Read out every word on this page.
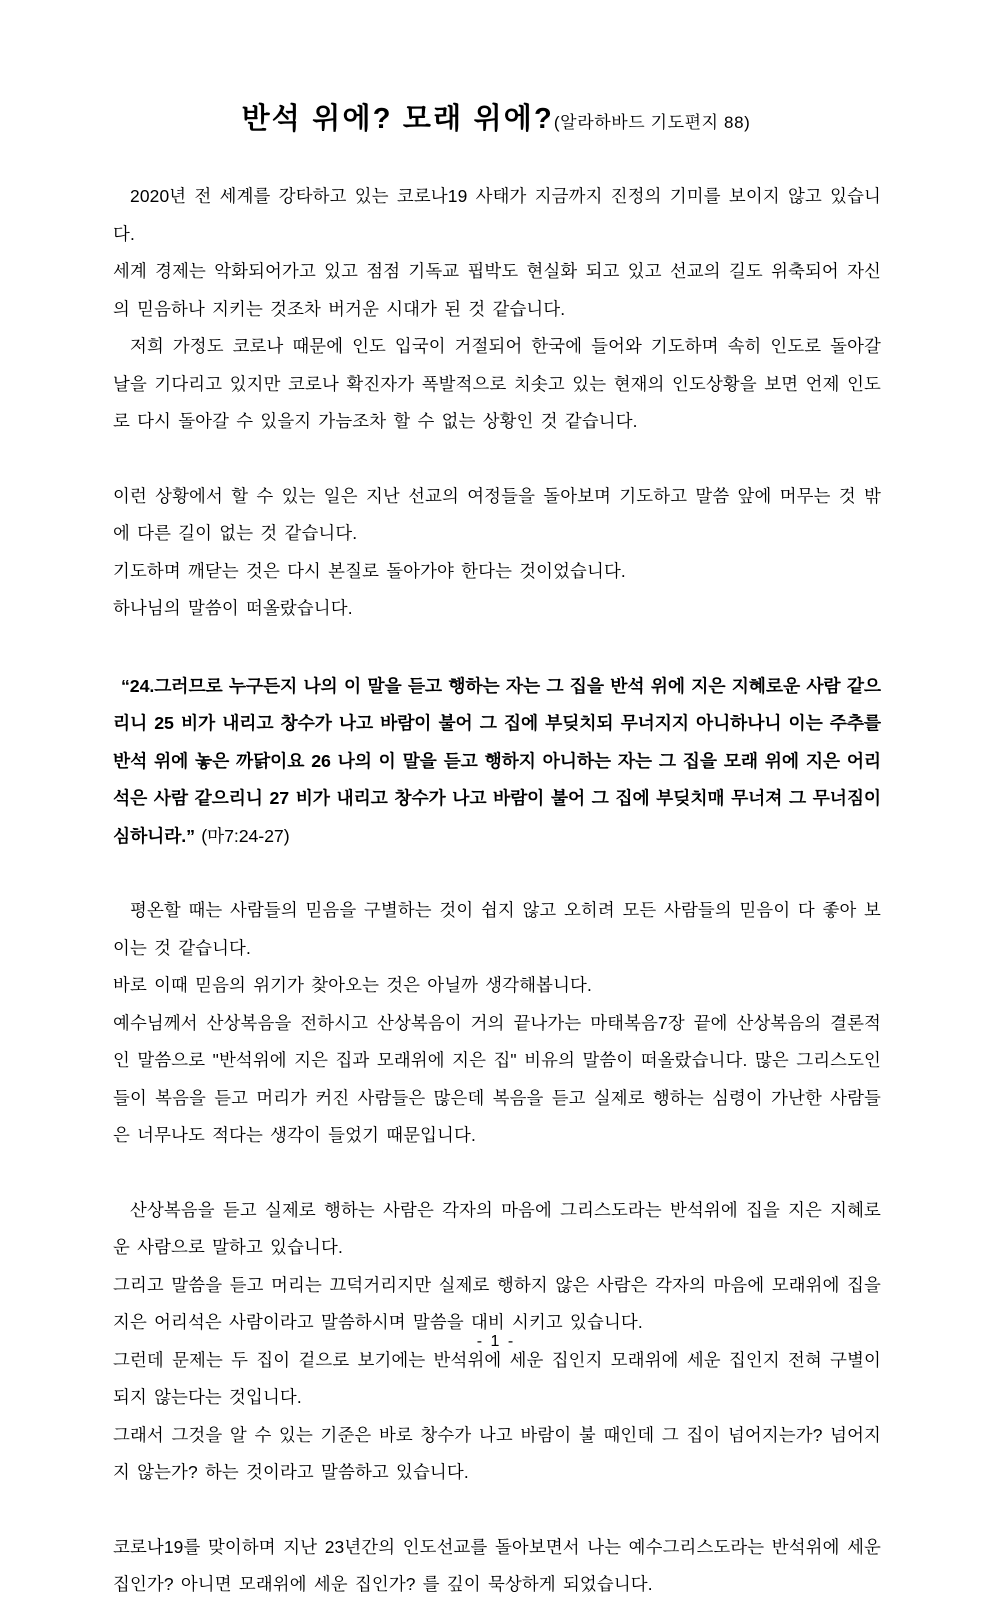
반석 위에? 모래 위에?(알라하바드 기도편지 88)

2020년 전 세계를 강타하고 있는 코로나19 사태가 지금까지 진정의 기미를 보이지 않고 있습니다.

세계 경제는 악화되어가고 있고 점점 기독교 핍박도 현실화 되고 있고 선교의 길도 위축되어 자신의 믿음하나 지키는 것조차 버거운 시대가 된 것 같습니다.

저희 가정도 코로나 때문에 인도 입국이 거절되어 한국에 들어와 기도하며 속히 인도로 돌아갈 날을 기다리고 있지만 코로나 확진자가 폭발적으로 치솟고 있는 현재의 인도상황을 보면 언제 인도로 다시 돌아갈 수 있을지 가늠조차 할 수 없는 상황인 것 같습니다.

이런 상황에서 할 수 있는 일은 지난 선교의 여정들을 돌아보며 기도하고 말씀 앞에 머무는 것 밖에 다른 길이 없는 것 같습니다.

기도하며 깨닫는 것은 다시 본질로 돌아가야 한다는 것이었습니다.

하나님의 말씀이 떠올랐습니다.

“24.그러므로 누구든지 나의 이 말을 듣고 행하는 자는 그 집을 반석 위에 지은 지혜로운 사람 같으리니 25 비가 내리고 창수가 나고 바람이 불어 그 집에 부딪치되 무너지지 아니하나니 이는 주추를 반석 위에 놓은 까닭이요 26 나의 이 말을 듣고 행하지 아니하는 자는 그 집을 모래 위에 지은 어리석은 사람 같으리니 27 비가 내리고 창수가 나고 바람이 불어 그 집에 부딪치매 무너져 그 무너짐이 심하니라.” (마7:24-27)

평온할 때는 사람들의 믿음을 구별하는 것이 쉽지 않고 오히려 모든 사람들의 믿음이 다 좋아 보이는 것 같습니다.

바로 이때 믿음의 위기가 찾아오는 것은 아닐까 생각해봅니다.

예수님께서 산상복음을 전하시고 산상복음이 거의 끝나가는 마태복음7장 끝에 산상복음의 결론적인 말씀으로 "반석위에 지은 집과 모래위에 지은 집" 비유의 말씀이 떠올랐습니다. 많은 그리스도인들이 복음을 듣고 머리가 커진 사람들은 많은데 복음을 듣고 실제로 행하는 심령이 가난한 사람들은 너무나도 적다는 생각이 들었기 때문입니다.

산상복음을 듣고 실제로 행하는 사람은 각자의 마음에 그리스도라는 반석위에 집을 지은 지혜로운 사람으로 말하고 있습니다.

그리고 말씀을 듣고 머리는 끄덕거리지만 실제로 행하지 않은 사람은 각자의 마음에 모래위에 집을 지은 어리석은 사람이라고 말씀하시며 말씀을 대비 시키고 있습니다.

그런데 문제는 두 집이 겉으로 보기에는 반석위에 세운 집인지 모래위에 세운 집인지 전혀 구별이 되지 않는다는 것입니다.

그래서 그것을 알 수 있는 기준은 바로 창수가 나고 바람이 불 때인데 그 집이 넘어지는가? 넘어지지 않는가? 하는 것이라고 말씀하고 있습니다.

코로나19를 맞이하며 지난 23년간의 인도선교를 돌아보면서 나는 예수그리스도라는 반석위에 세운 집인가? 아니면 모래위에 세운 집인가? 를 깊이 묵상하게 되었습니다.

- 1 -
